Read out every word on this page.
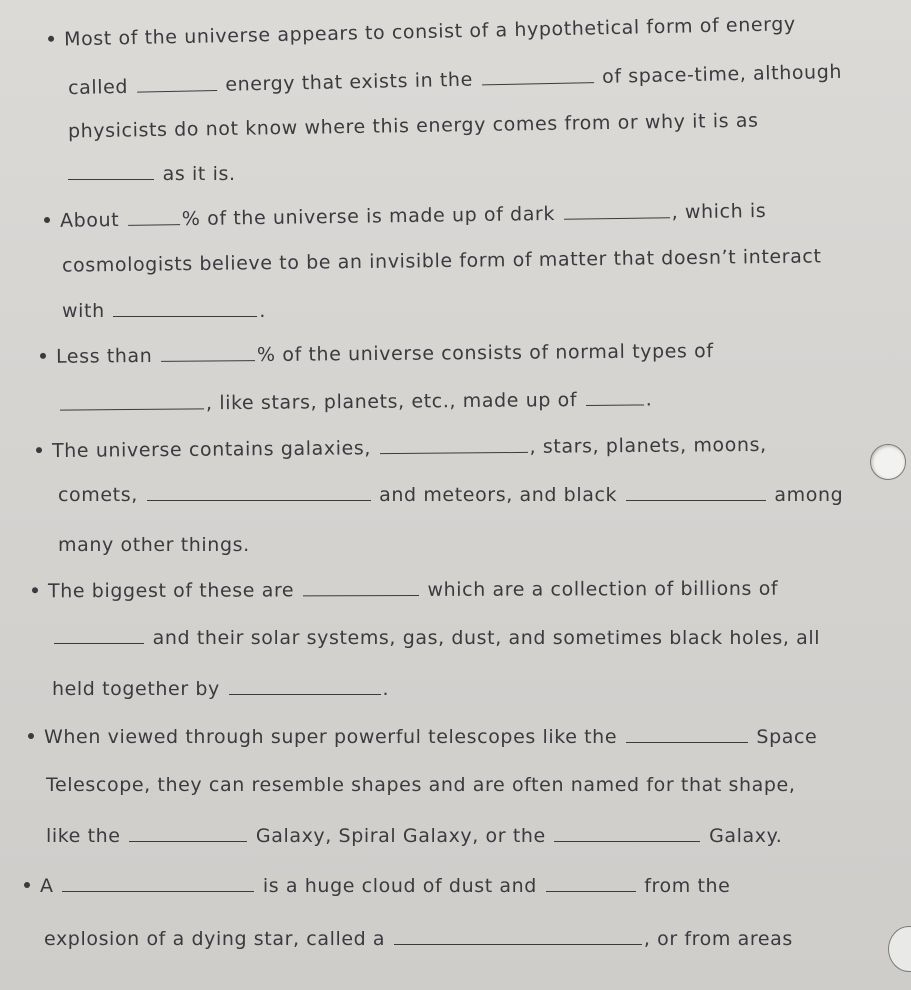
Most of the universe appears to consist of a hypothetical form of energy
called	energy that exists in the	of space-time, although
physicists do not know where this energy comes from or why it is as
as it is.
About	% of the universe is made up of dark	, which is
cosmologists believe to be an invisible form of matter that doesn’t interact
with	.
Less than	% of the universe consists of normal types of
, like stars, planets, etc., made up of	.
The universe contains galaxies,	, stars, planets, moons,
comets,	and meteors, and black	among
many other things.
The biggest of these are	which are a collection of billions of
and their solar systems, gas, dust, and sometimes black holes, all
held together by	.
When viewed through super powerful telescopes like the	Space
Telescope, they can resemble shapes and are often named for that shape,
like the	Galaxy, Spiral Galaxy, or the	Galaxy.
A	is a huge cloud of dust and	from the
explosion of a dying star, called a	, or from areas
